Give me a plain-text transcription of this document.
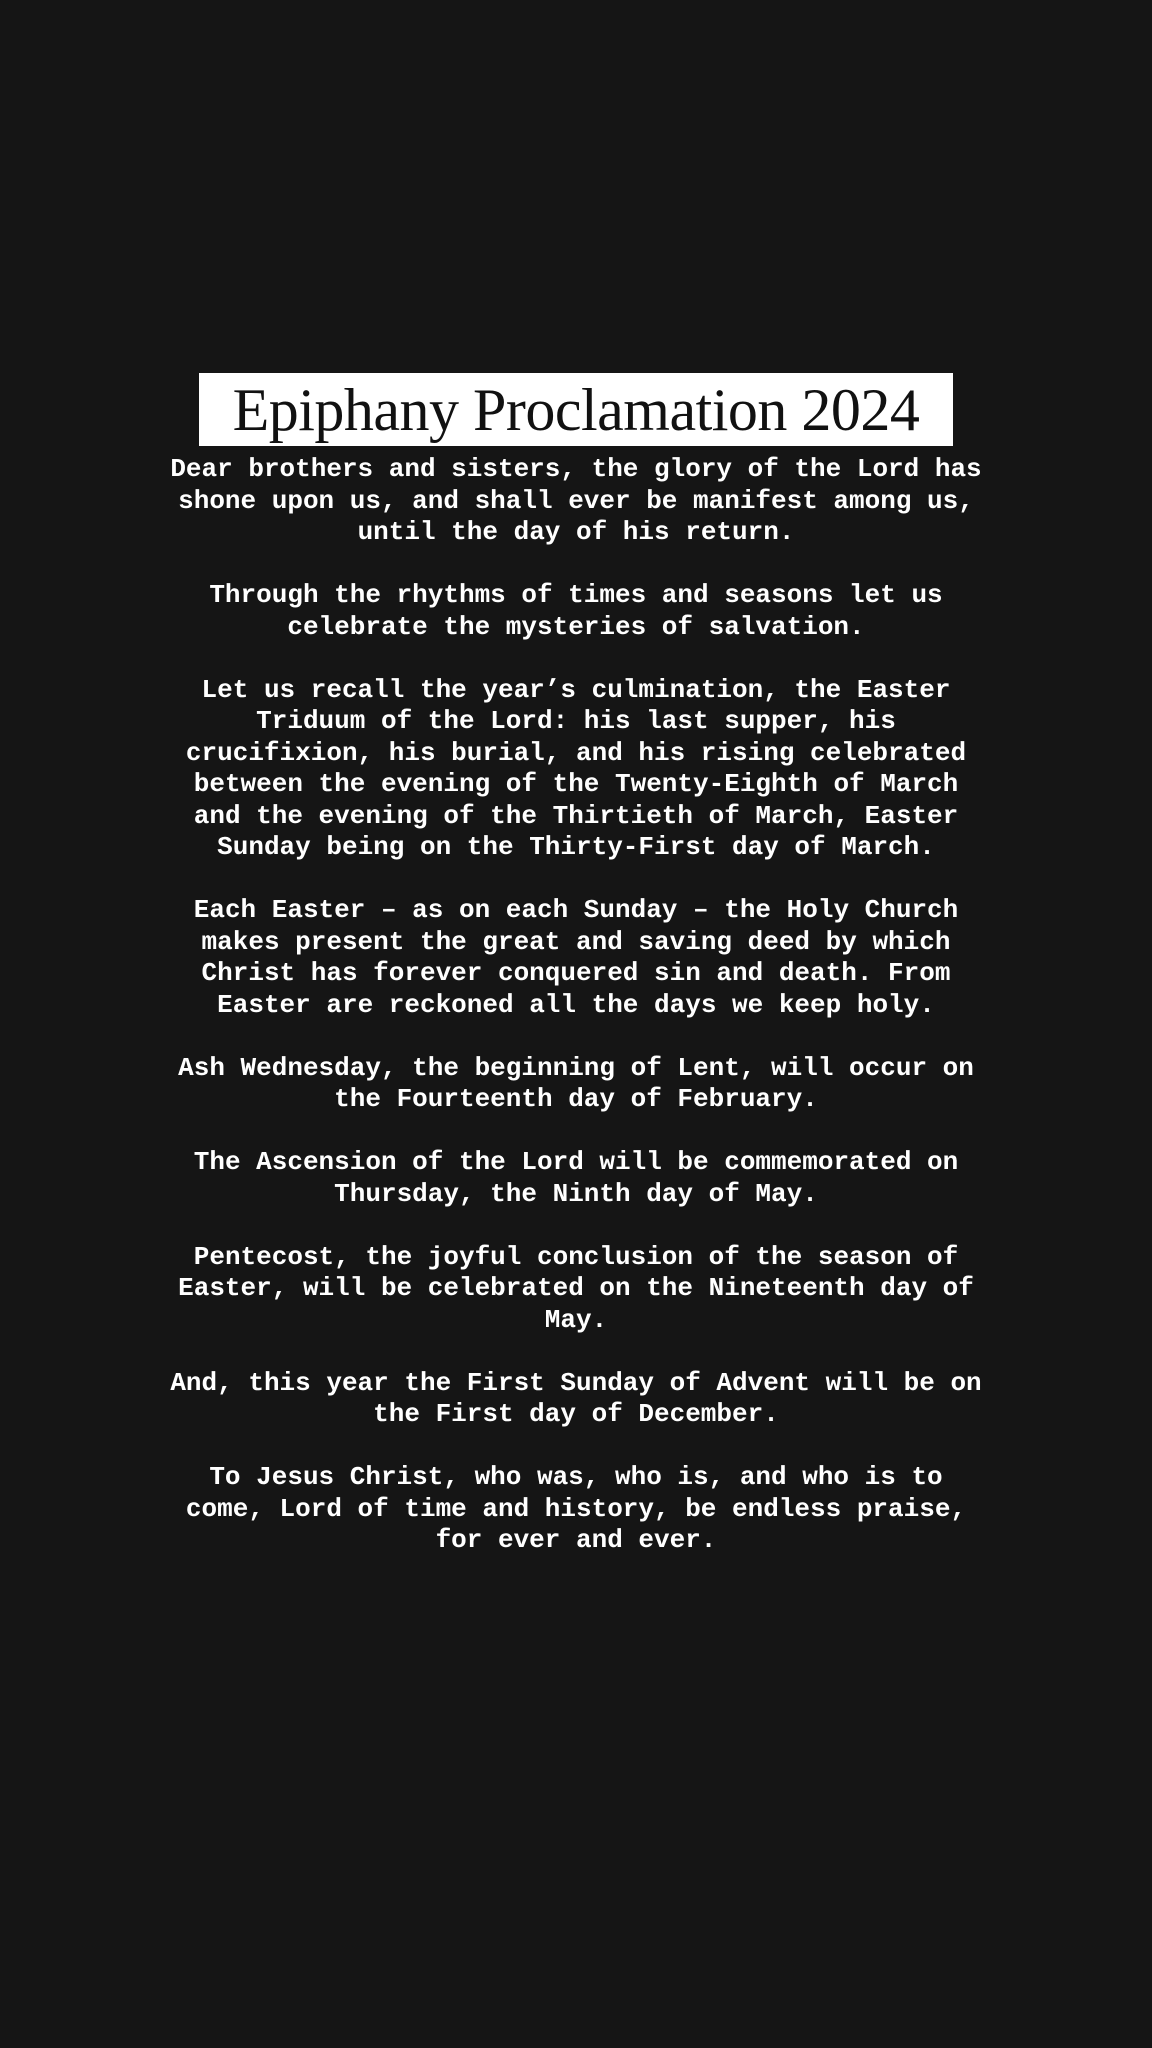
Epiphany Proclamation 2024

Dear brothers and sisters, the glory of the Lord has shone upon us, and shall ever be manifest among us, until the day of his return.

Through the rhythms of times and seasons let us celebrate the mysteries of salvation.

Let us recall the year’s culmination, the Easter Triduum of the Lord: his last supper, his crucifixion, his burial, and his rising celebrated between the evening of the Twenty-Eighth of March and the evening of the Thirtieth of March, Easter Sunday being on the Thirty-First day of March.

Each Easter – as on each Sunday – the Holy Church makes present the great and saving deed by which Christ has forever conquered sin and death. From Easter are reckoned all the days we keep holy.

Ash Wednesday, the beginning of Lent, will occur on the Fourteenth day of February.

The Ascension of the Lord will be commemorated on Thursday, the Ninth day of May.

Pentecost, the joyful conclusion of the season of Easter, will be celebrated on the Nineteenth day of May.

And, this year the First Sunday of Advent will be on the First day of December.

To Jesus Christ, who was, who is, and who is to come, Lord of time and history, be endless praise, for ever and ever.
